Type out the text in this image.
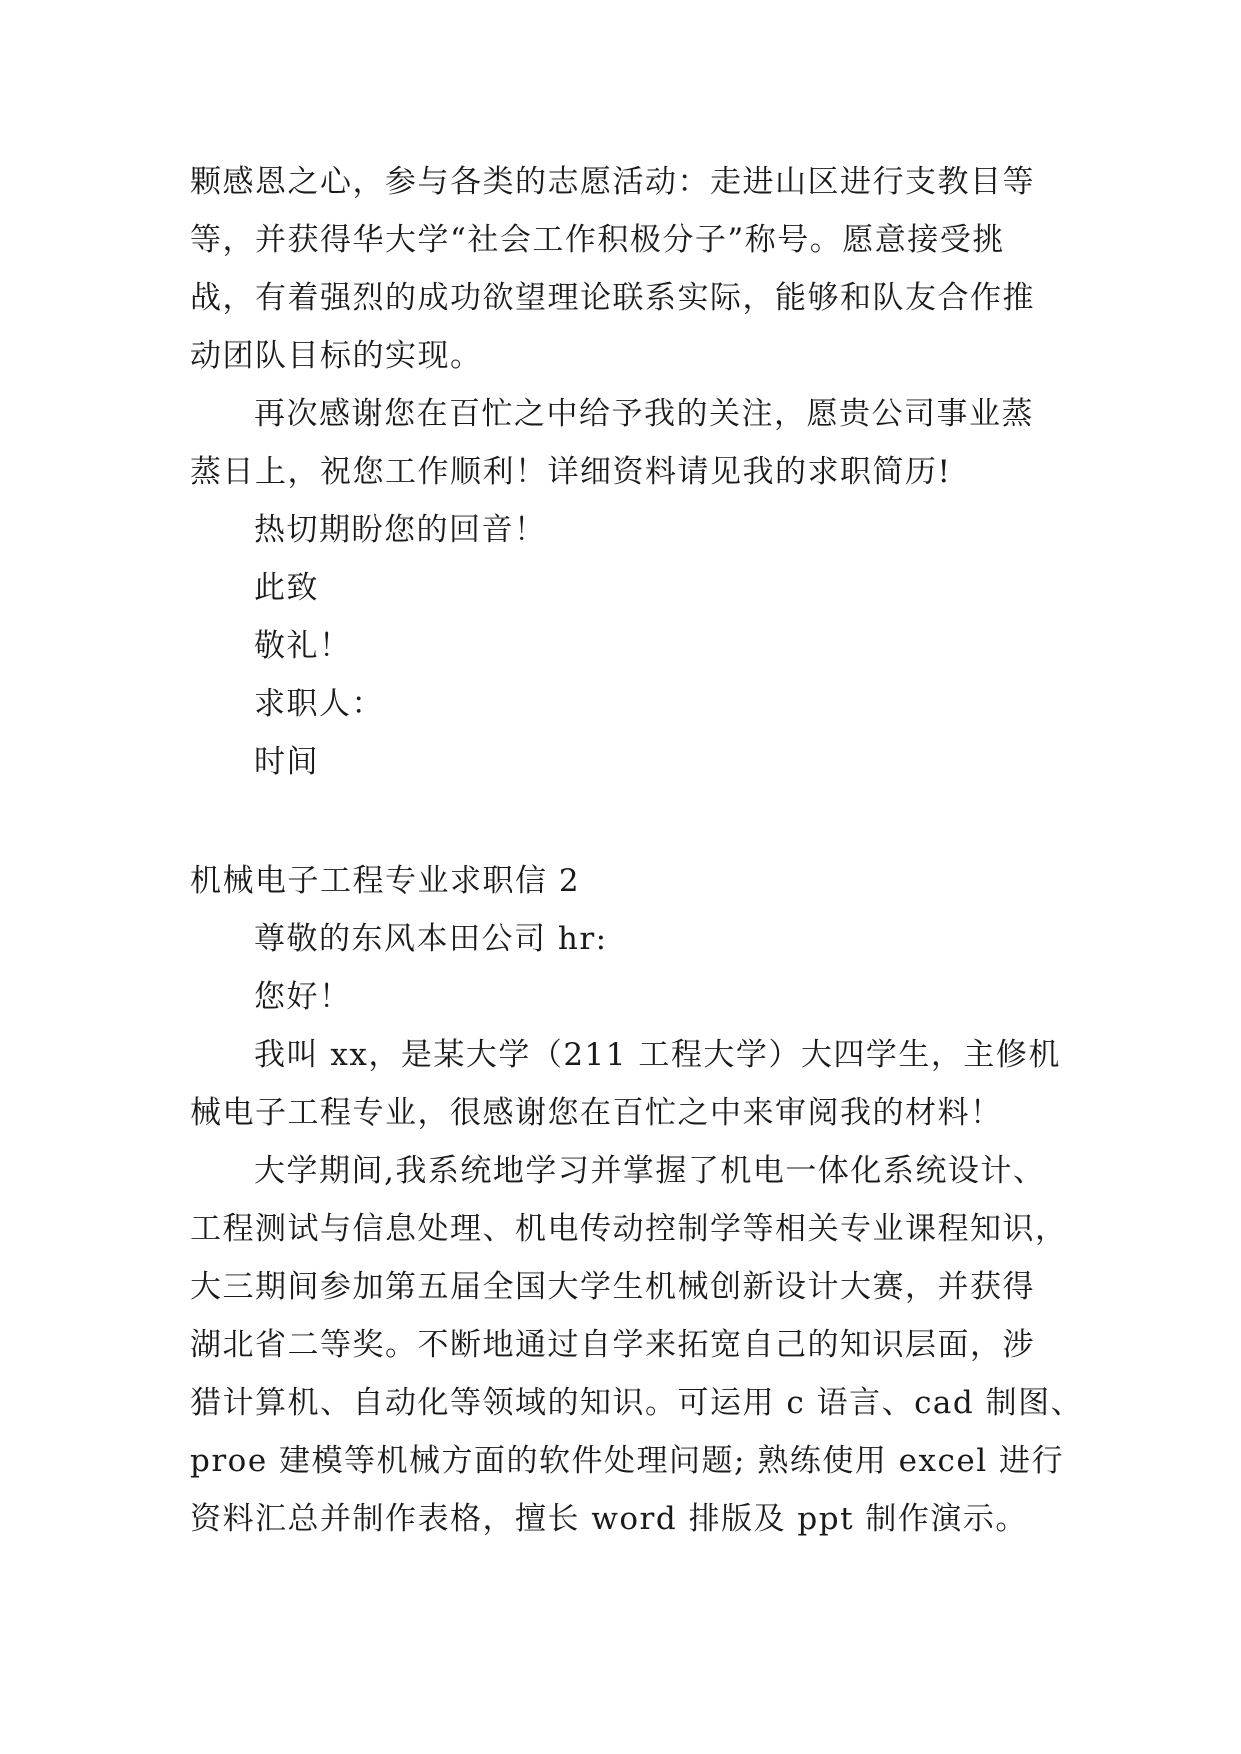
颗感恩之心，参与各类的志愿活动：走进山区进行支教目等
等，并获得华大学“社会工作积极分子”称号。愿意接受挑
战，有着强烈的成功欲望理论联系实际，能够和队友合作推
动团队目标的实现。
再次感谢您在百忙之中给予我的关注，愿贵公司事业蒸
蒸日上，祝您工作顺利！详细资料请见我的求职简历!
热切期盼您的回音！
此致
敬礼！
求职人：
时间
机械电子工程专业求职信 2
尊敬的东风本田公司 hr:
您好！
我叫 xx，是某大学（211 工程大学）大四学生，主修机
械电子工程专业，很感谢您在百忙之中来审阅我的材料！
大学期间,我系统地学习并掌握了机电一体化系统设计、
工程测试与信息处理、机电传动控制学等相关专业课程知识，
大三期间参加第五届全国大学生机械创新设计大赛，并获得
湖北省二等奖。不断地通过自学来拓宽自己的知识层面，涉
猎计算机、自动化等领域的知识。可运用 c 语言、cad 制图、
proe 建模等机械方面的软件处理问题; 熟练使用 excel 进行
资料汇总并制作表格，擅长 word 排版及 ppt 制作演示。
